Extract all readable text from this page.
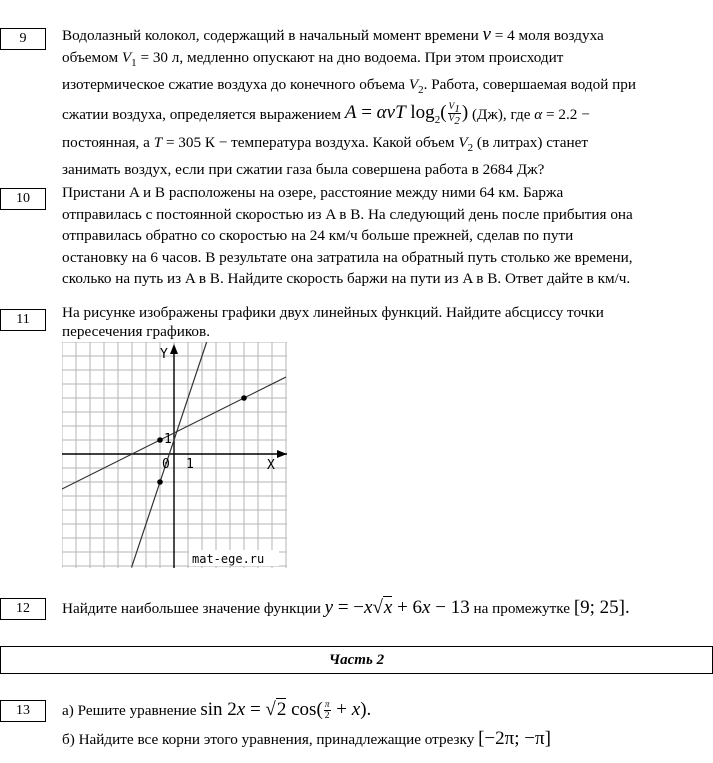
9 Водолазный колокол, содержащий в начальный момент времени ν = 4 моля воздуха
объемом $V_1 = 30$ л, медленно опускают на дно водоема. При этом происходит
изотермическое сжатие воздуха до конечного объема $V_2$. Работа, совершаемая водой при
сжатии воздуха, определяется выражением A = ανT $\log_2( \frac{V_1}{V_2}$ ) (Дж), где α = 2.2 −
постоянная, а T = 305 К − температура воздуха. Какой объем $V_2$ (в литрах) станет
занимать воздух, если при сжатии газа была совершена работа в 2684 Дж?
10 Пристани A и B расположены на озере, расстояние между ними 64 км. Баржа
отправилась с постоянной скоростью из A в B. На следующий день после прибытия она
отправилась обратно со скоростью на 24 км/ч больше прежней, сделав по пути
остановку на 6 часов. В результате она затратила на обратный путь столько же времени,
сколько на путь из A в B. Найдите скорость баржи на пути из A в B. Ответ дайте в км/ч.
11 На рисунке изображены графики двух линейных функций. Найдите абсциссу точки
пересечения графиков.
mat-ege.ru
X
Y
0 1
1
12 Найдите наибольшее значение функции y = −x√x + 6x − 13 на промежутке [9; 25].
Часть 2
13 а) Решите уравнение sin 2x = √2 $\cos( \frac{\pi}{2} + x)$.
б) Найдите все корни этого уравнения, принадлежащие отрезку [−2π; −π]
